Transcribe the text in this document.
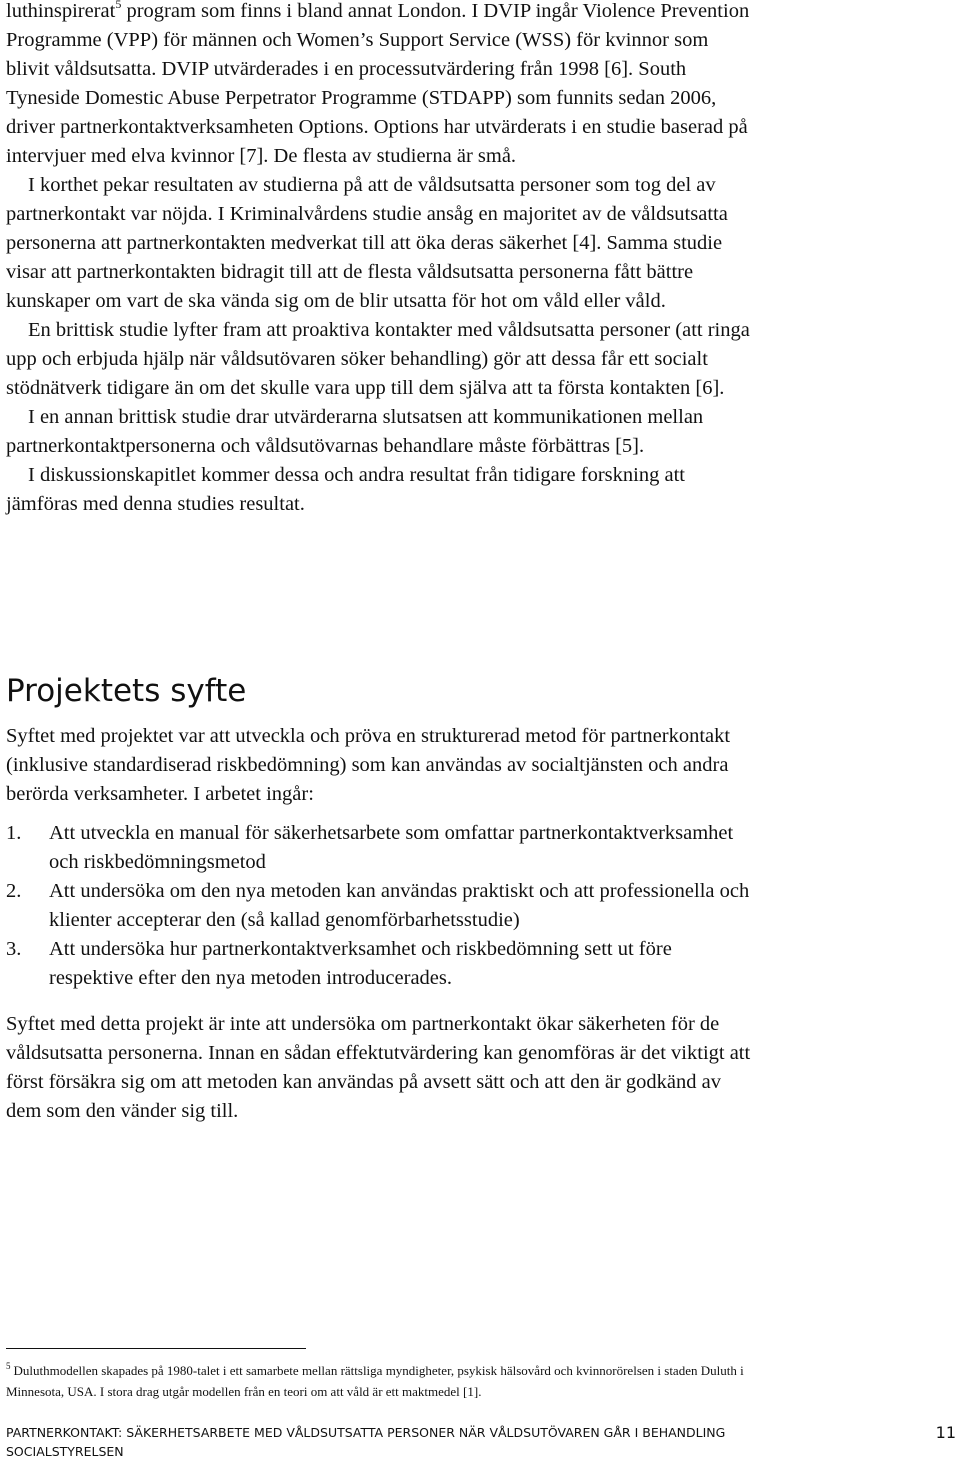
luthinspirerat$^5$ program som finns i bland annat London. I DVIP ingår Violence Prevention Programme (VPP) för männen och Women’s Support Service (WSS) för kvinnor som blivit våldsutsatta. DVIP utvärderades i en processutvärdering från 1998 [6]. South Tyneside Domestic Abuse Perpetrator Programme (STDAPP) som funnits sedan 2006, driver partnerkontaktverksamheten Options. Options har utvärderats i en studie baserad på intervjuer med elva kvinnor [7]. De flesta av studierna är små.

I korthet pekar resultaten av studierna på att de våldsutsatta personer som tog del av partnerkontakt var nöjda. I Kriminalvårdens studie ansåg en majoritet av de våldsutsatta personerna att partnerkontakten medverkat till att öka deras säkerhet [4]. Samma studie visar att partnerkontakten bidragit till att de flesta våldsutsatta personerna fått bättre kunskaper om vart de ska vända sig om de blir utsatta för hot om våld eller våld.

En brittisk studie lyfter fram att proaktiva kontakter med våldsutsatta personer (att ringa upp och erbjuda hjälp när våldsutövaren söker behandling) gör att dessa får ett socialt stödnätverk tidigare än om det skulle vara upp till dem själva att ta första kontakten [6].

I en annan brittisk studie drar utvärderarna slutsatsen att kommunikationen mellan partnerkontaktpersonerna och våldsutövarnas behandlare måste förbättras [5].

I diskussionskapitlet kommer dessa och andra resultat från tidigare forskning att jämföras med denna studies resultat.

Projektets syfte

Syftet med projektet var att utveckla och pröva en strukturerad metod för partnerkontakt (inklusive standardiserad riskbedömning) som kan användas av socialtjänsten och andra berörda verksamheter. I arbetet ingår:

1. Att utveckla en manual för säkerhetsarbete som omfattar partnerkontaktverksamhet och riskbedömningsmetod
2. Att undersöka om den nya metoden kan användas praktiskt och att professionella och klienter accepterar den (så kallad genomförbarhetsstudie)
3. Att undersöka hur partnerkontaktverksamhet och riskbedömning sett ut före respektive efter den nya metoden introducerades.

Syftet med detta projekt är inte att undersöka om partnerkontakt ökar säkerheten för de våldsutsatta personerna. Innan en sådan effektutvärdering kan genomföras är det viktigt att först försäkra sig om att metoden kan användas på avsett sätt och att den är godkänd av dem som den vänder sig till.

$^5$ Duluthmodellen skapades på 1980-talet i ett samarbete mellan rättsliga myndigheter, psykisk hälsovård och kvinnorörelsen i staden Duluth i Minnesota, USA. I stora drag utgår modellen från en teori om att våld är ett maktmedel [1].
PARTNERKONTAKT: SÄKERHETSARBETE MED VÅLDSUTSATTA PERSONER NÄR VÅLDSUTÖVAREN GÅR I BEHANDLING
SOCIALSTYRELSEN
11
